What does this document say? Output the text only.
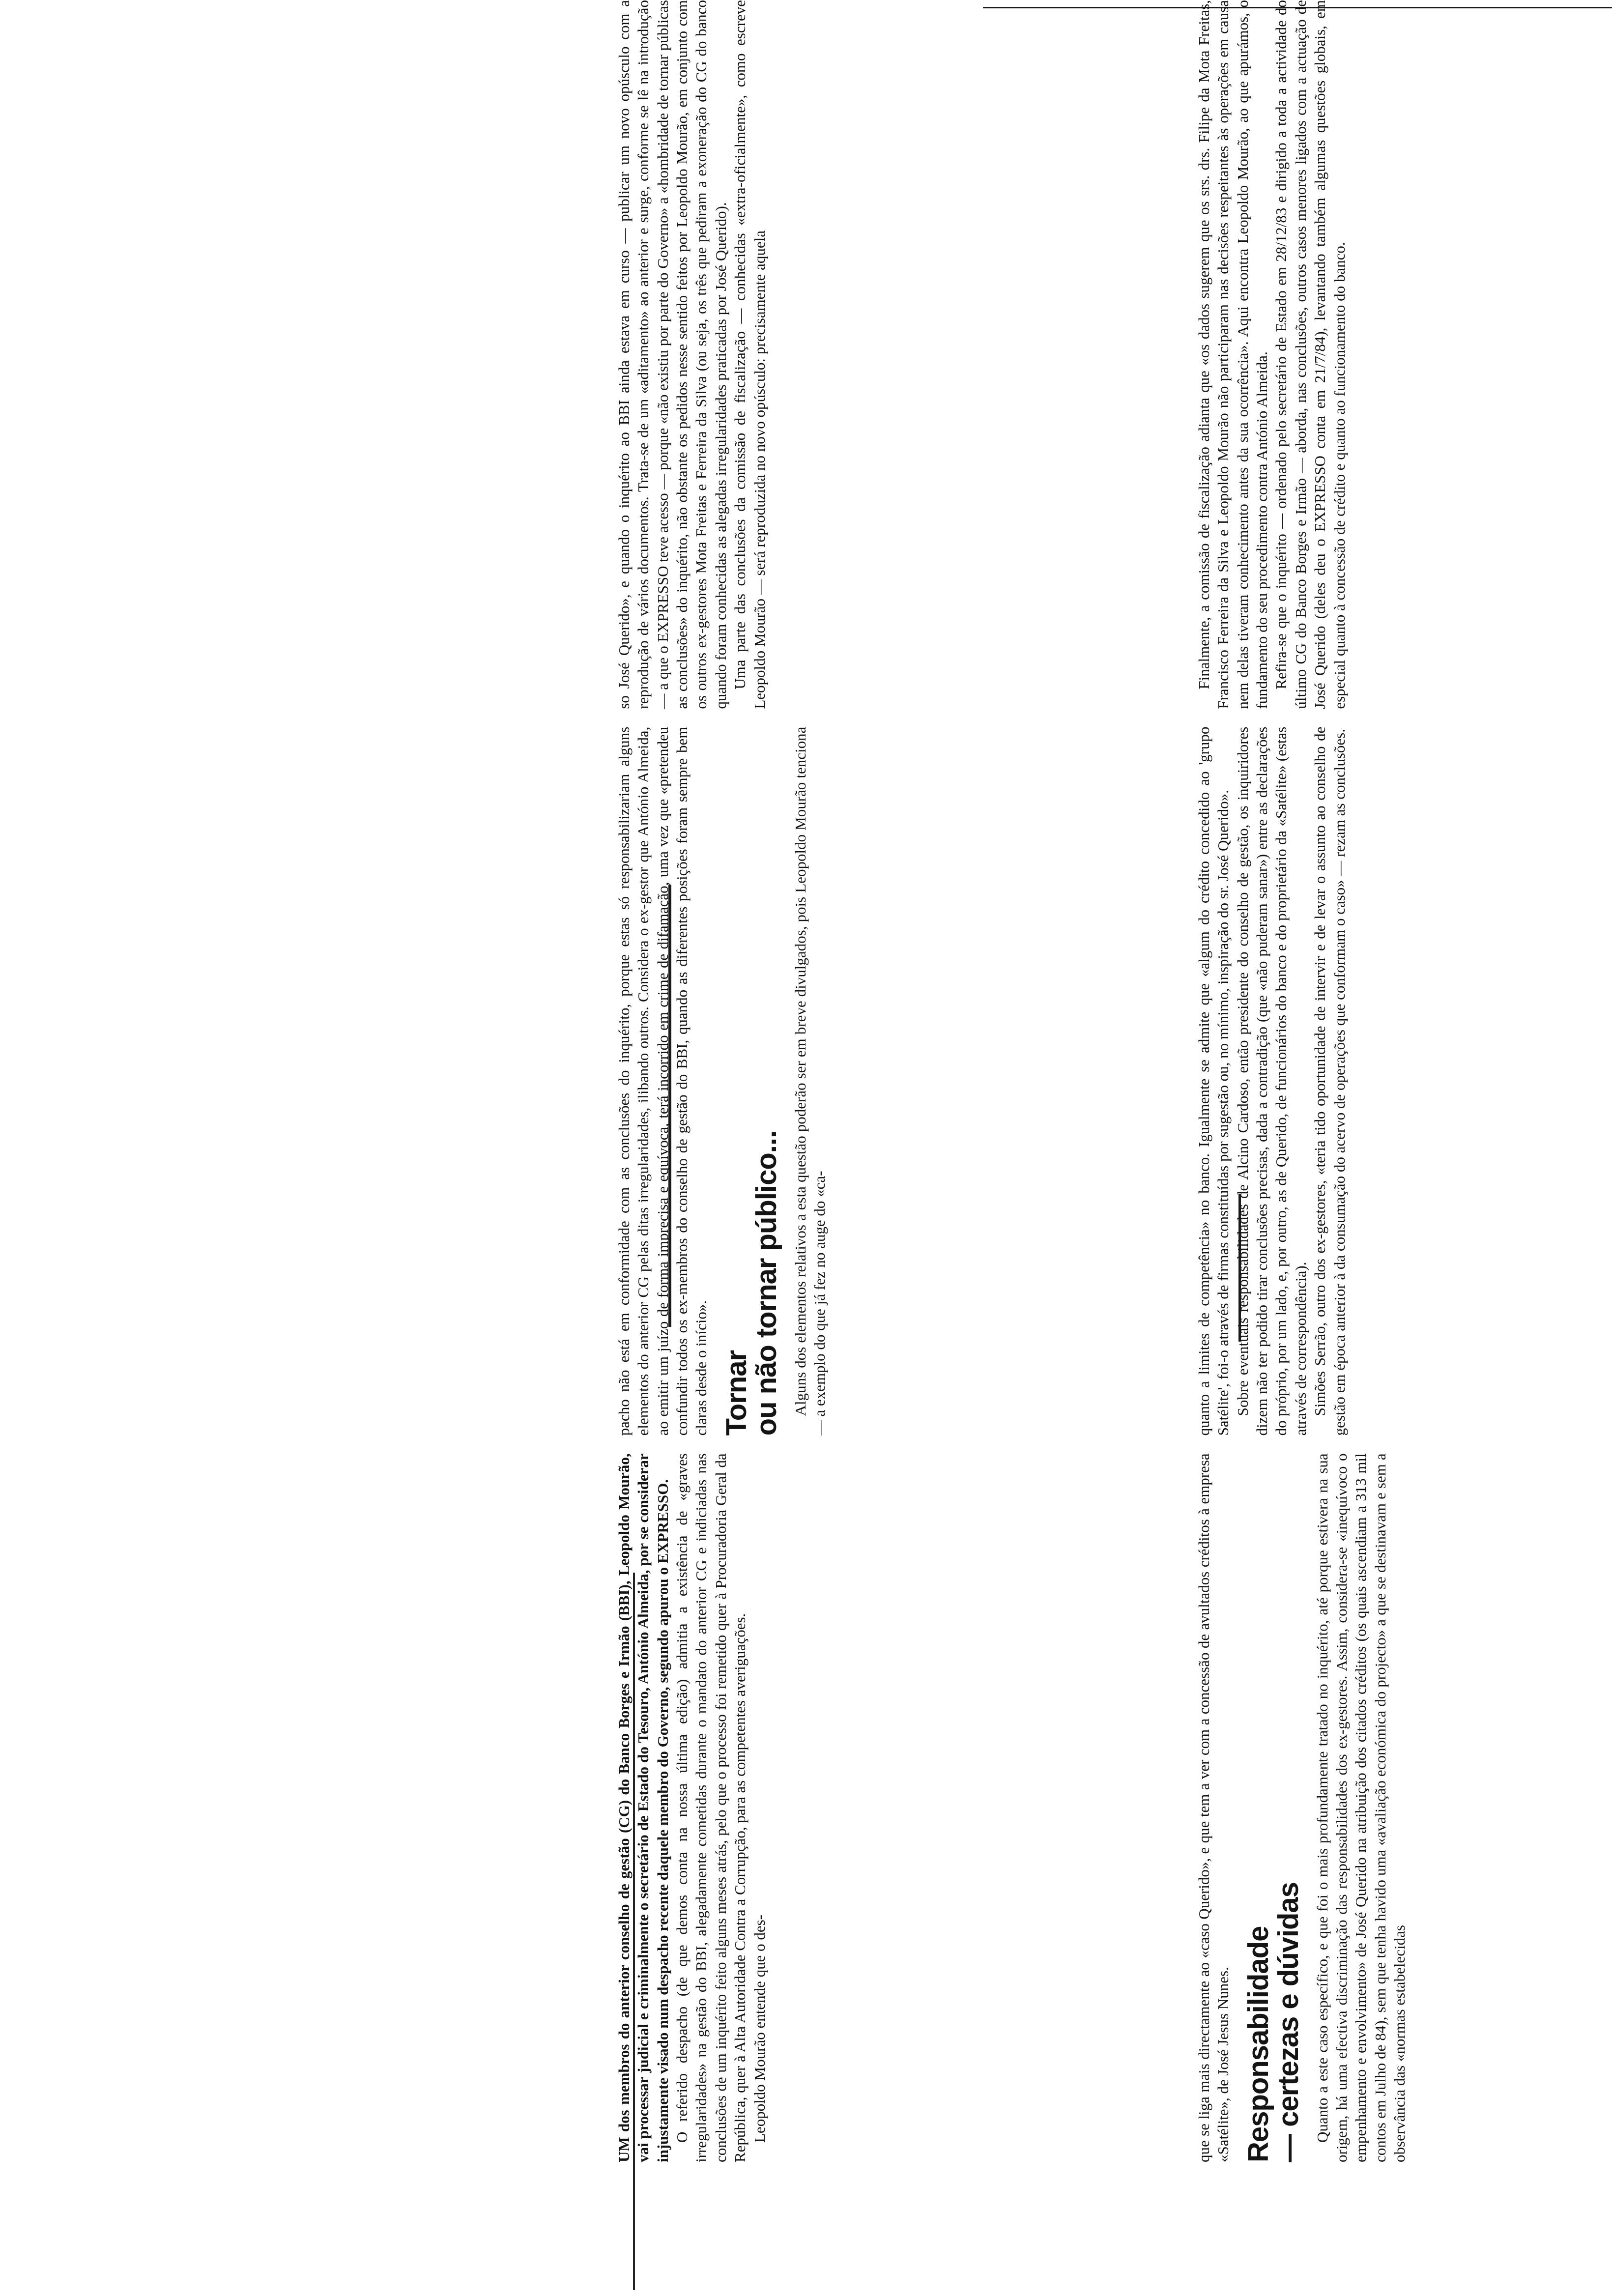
UM dos membros do anterior conselho de gestão (CG) do Banco Borges e Irmão (BBI), Leopoldo Mourão, vai processar judicial e criminalmente o secretário de Estado do Tesouro, António Almeida, por se considerar injustamente visado num despacho recente daquele membro do Governo, segundo apurou o EXPRESSO. O referido despacho (de que demos conta na nossa última edição) admitia a existência de «graves irregularidades» na gestão do BBI, alegadamente cometidas durante o mandato do anterior CG e indiciadas nas conclusões de um inquérito feito alguns meses atrás, pelo que o processo foi remetido quer à Procuradoria Geral da República, quer à Alta Autoridade Contra a Corrupção, para as competentes averiguações. Leopoldo Mourão entende que o des-

pacho não está em conformidade com as conclusões do inquérito, porque estas só responsabilizariam alguns elementos do anterior CG pelas ditas irregularidades, ilibando outros. Considera o ex-gestor que António Almeida, ao emitir um juízo de forma imprecisa e equívoca, terá incorrido em crime de difamação, uma vez que «pretendeu confundir todos os ex-membros do conselho de gestão do BBI, quando as diferentes posições foram sempre bem claras desde o início». Tornar
ou não tornar público... Alguns dos elementos relativos a esta questão poderão ser em breve divulgados, pois Leopoldo Mourão tenciona — a exemplo do que já fez no auge do «ca-

so José Querido», e quando o inquérito ao BBI ainda estava em curso — publicar um novo opúsculo com a reprodução de vários documentos. Trata-se de um «aditamento» ao anterior e surge, conforme se lê na introdução — a que o EXPRESSO teve acesso — porque «não existiu por parte do Governo» a «hombridade de tornar públicas as conclusões» do inquérito, não obstante os pedidos nesse sentido feitos por Leopoldo Mourão, em conjunto com os outros ex-gestores Mota Freitas e Ferreira da Silva (ou seja, os três que pediram a exoneração do CG do banco quando foram conhecidas as alegadas irregularidades praticadas por José Querido). Uma parte das conclusões da comissão de fiscalização — conhecidas «extra-oficialmente», como escreve Leopoldo Mourão — será reproduzida no novo opúsculo: precisamente aquela

que se liga mais directamente ao «caso Querido», e que tem a ver com a concessão de avultados créditos à empresa «Satélite», de José Jesus Nunes. Responsabilidade
— certezas e dúvidas Quanto a este caso específico, e que foi o mais profundamente tratado no inquérito, até porque estivera na sua origem, há uma efectiva discriminação das responsabilidades dos ex-gestores. Assim, considera-se «inequívoco o empenhamento e envolvimento» de José Querido na atribuição dos citados créditos (os quais ascendiam a 313 mil contos em Julho de 84), sem que tenha havido uma «avaliação económica do projecto» a que se destinavam e sem a observância das «normas estabelecidas

quanto a limites de competência» no banco. Igualmente se admite que «algum do crédito concedido ao 'grupo Satélite', foi-o através de firmas constituídas por sugestão ou, no mínimo, inspiração do sr. José Querido». Sobre eventuais responsabilidades de Alcino Cardoso, então presidente do conselho de gestão, os inquiridores dizem não ter podido tirar conclusões precisas, dada a contradição (que «não puderam sanar») entre as declarações do próprio, por um lado, e, por outro, as de Querido, de funcionários do banco e do proprietário da «Satélite» (estas através de correspondência). Simões Serrão, outro dos ex-gestores, «teria tido oportunidade de intervir e de levar o assunto ao conselho de gestão em época anterior à da consumação do acervo de operações que conformam o caso» — rezam as conclusões.

Finalmente, a comissão de fiscalização adianta que «os dados sugerem que os srs. drs. Filipe da Mota Freitas, Francisco Ferreira da Silva e Leopoldo Mourão não participaram nas decisões respeitantes às operações em causa nem delas tiveram conhecimento antes da sua ocorrência». Aqui encontra Leopoldo Mourão, ao que apurámos, o fundamento do seu procedimento contra António Almeida. Refira-se que o inquérito — ordenado pelo secretário de Estado em 28/12/83 e dirigido a toda a actividade do último CG do Banco Borges e Irmão — aborda, nas conclusões, outros casos menores ligados com a actuação de José Querido (deles deu o EXPRESSO conta em 21/7/84), levantando também algumas questões globais, em especial quanto à concessão de crédito e quanto ao funcionamento do banco.
